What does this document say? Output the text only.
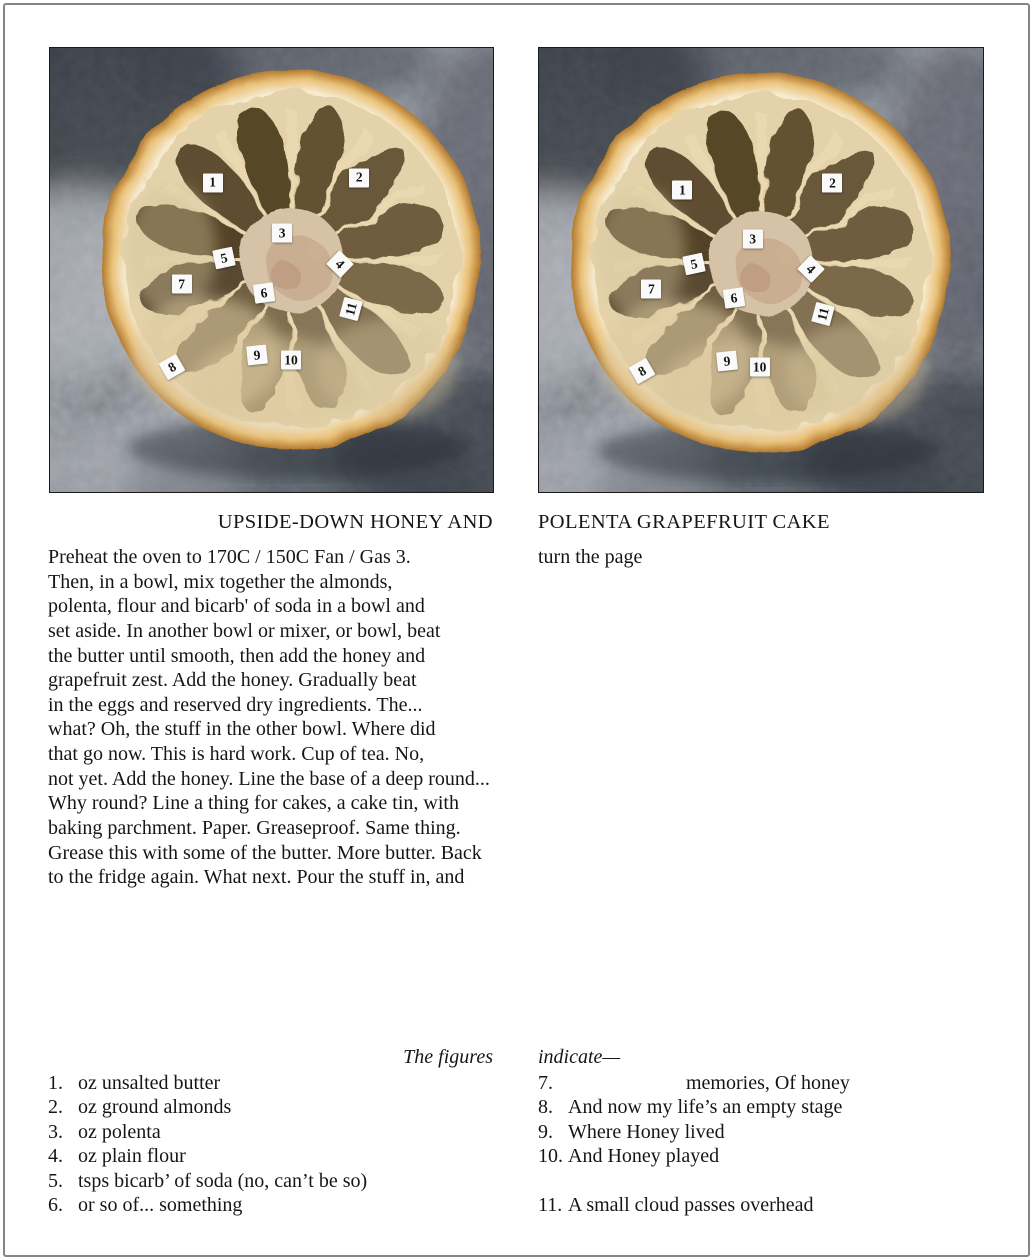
1	2
3
4
5
6
7
8
9	10
11
1	2
3
4
5
6
7
8
9	10
11
UPSIDE-DOWN HONEY AND POLENTA GRAPEFRUIT CAKE
Preheat the oven to 170C / 150C Fan / Gas 3.
Then, in a bowl, mix together the almonds,
polenta, flour and bicarb' of soda in a bowl and
set aside. In another bowl or mixer, or bowl, beat
the butter until smooth, then add the honey and
grapefruit zest. Add the honey. Gradually beat
in the eggs and reserved dry ingredients. The...
what? Oh, the stuff in the other bowl. Where did
that go now. This is hard work. Cup of tea. No,
not yet. Add the honey. Line the base of a deep round...
Why round? Line a thing for cakes, a cake tin, with
baking parchment. Paper. Greaseproof. Same thing.
Grease this with some of the butter. More butter. Back
to the fridge again. What next. Pour the stuff in, and
turn the page
The figures indicate—
1. oz unsalted butter
2. oz ground almonds
3. oz polenta
4. oz plain flour
5. tsps bicarb’ of soda (no, can’t be so)
6. or so of... something
7.	memories, Of honey
8. And now my life’s an empty stage
9. Where Honey lived
10. And Honey played
11. A small cloud passes overhead
